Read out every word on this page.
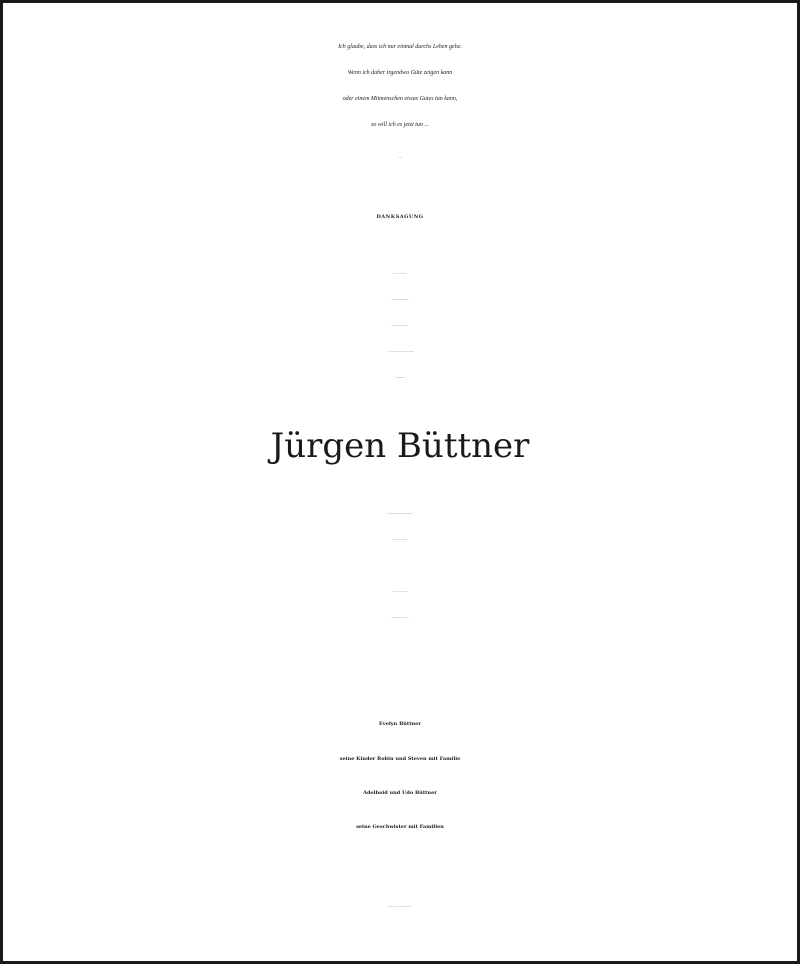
Ich glaube, dass ich nur einmal durchs Leben gehe.
Wenn ich daher irgendwo Güte zeigen kann
oder einem Mitmenschen etwas Gutes tun kann,
so will ich es jetzt tun ...
W. Penn
DANKSAGUNG
Nicht die Anzahl der Jahre
im Leben eines Menschen zählen,
sondern die Zahl seiner Freunde.
Allen, die uns durch die schwere Zeit des Abschieds
von unserm lieben
Jürgen Büttner
begleitet und hilfreich zur Seite gestanden haben,
sagen wir herzlichen Dank!
Danke auch für die Spenden
für die „Deutsche Krebshilfe e.V.“.
Evelyn Büttner
seine Kinder Robin und Steven mit Familie
Adelheid und Udo Büttner
seine Geschwister mit Familien
Sonneberg, Adelsdorf, Föritztal, im März 2019
